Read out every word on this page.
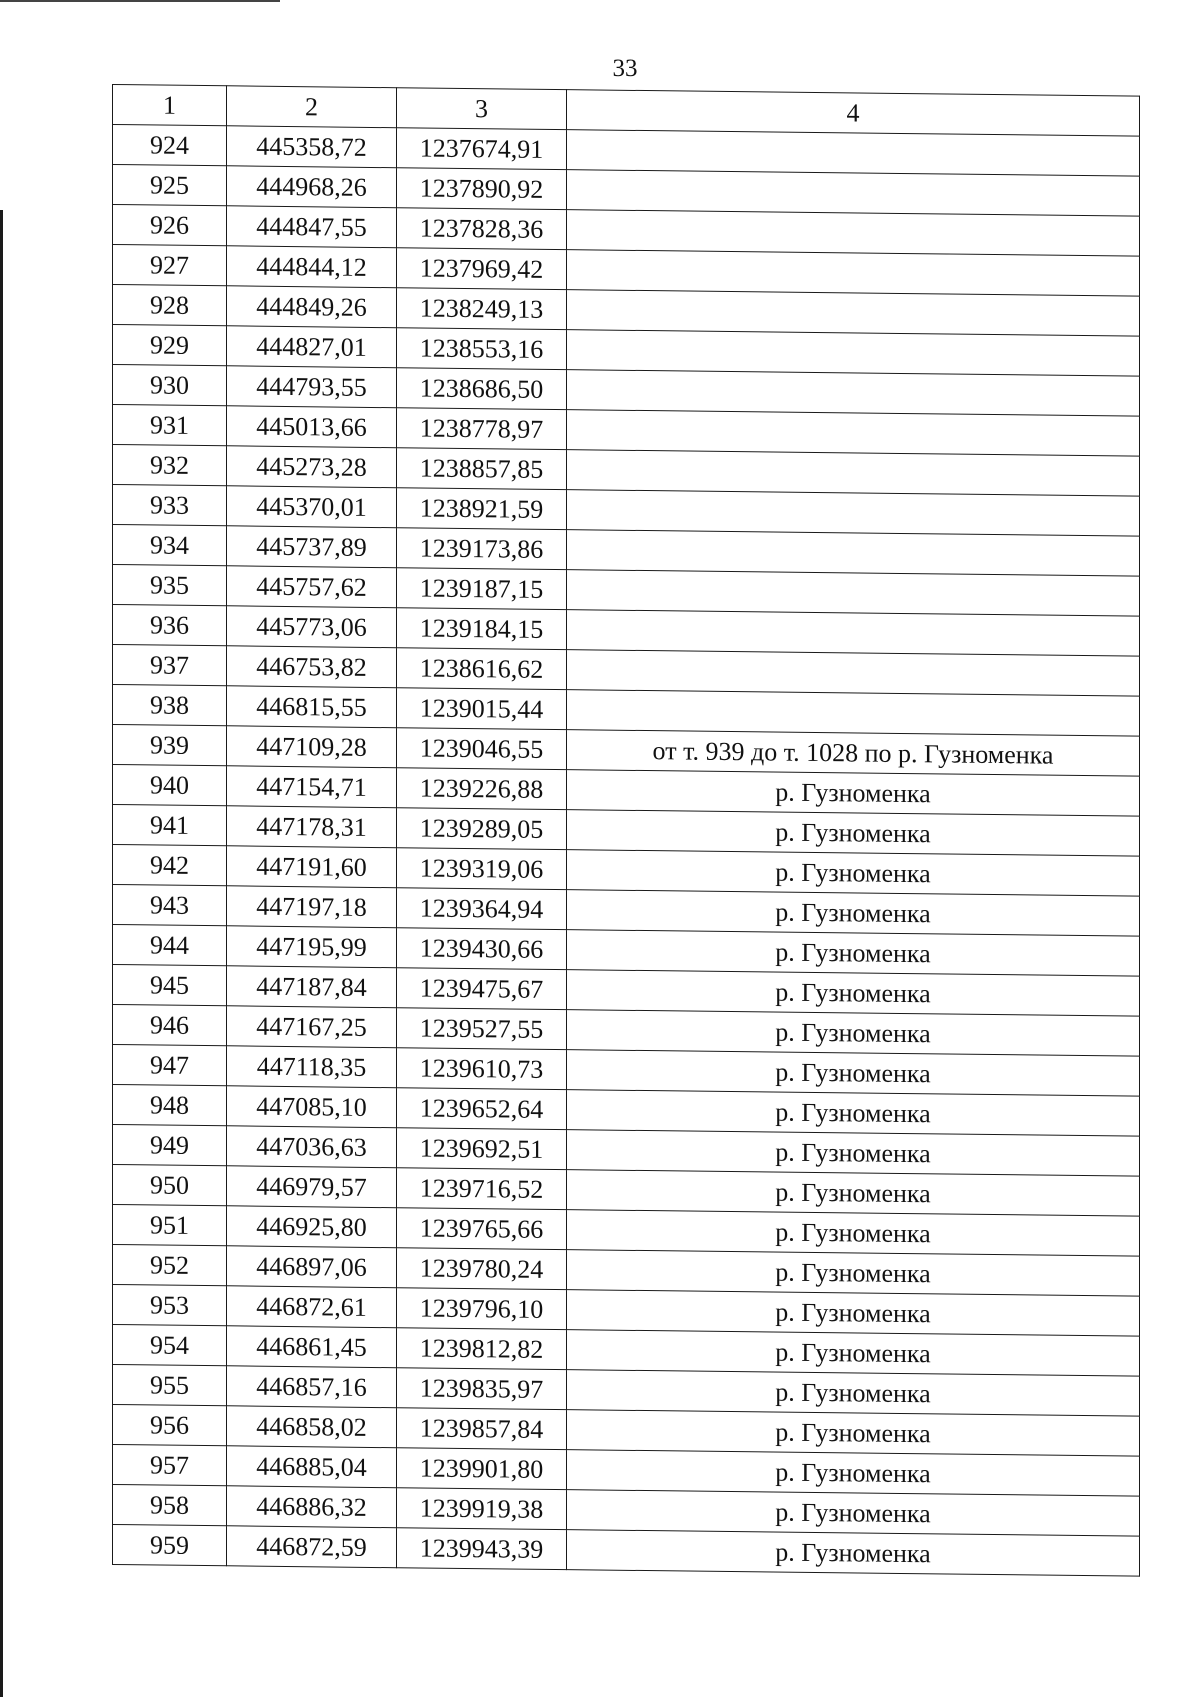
33
1	2	3	4
924	445358,72	1237674,91	
925	444968,26	1237890,92	
926	444847,55	1237828,36	
927	444844,12	1237969,42	
928	444849,26	1238249,13	
929	444827,01	1238553,16	
930	444793,55	1238686,50	
931	445013,66	1238778,97	
932	445273,28	1238857,85	
933	445370,01	1238921,59	
934	445737,89	1239173,86	
935	445757,62	1239187,15	
936	445773,06	1239184,15	
937	446753,82	1238616,62	
938	446815,55	1239015,44	
939	447109,28	1239046,55	от т. 939 до т. 1028 по р. Гузноменка
940	447154,71	1239226,88	р. Гузноменка
941	447178,31	1239289,05	р. Гузноменка
942	447191,60	1239319,06	р. Гузноменка
943	447197,18	1239364,94	р. Гузноменка
944	447195,99	1239430,66	р. Гузноменка
945	447187,84	1239475,67	р. Гузноменка
946	447167,25	1239527,55	р. Гузноменка
947	447118,35	1239610,73	р. Гузноменка
948	447085,10	1239652,64	р. Гузноменка
949	447036,63	1239692,51	р. Гузноменка
950	446979,57	1239716,52	р. Гузноменка
951	446925,80	1239765,66	р. Гузноменка
952	446897,06	1239780,24	р. Гузноменка
953	446872,61	1239796,10	р. Гузноменка
954	446861,45	1239812,82	р. Гузноменка
955	446857,16	1239835,97	р. Гузноменка
956	446858,02	1239857,84	р. Гузноменка
957	446885,04	1239901,80	р. Гузноменка
958	446886,32	1239919,38	р. Гузноменка
959	446872,59	1239943,39	р. Гузноменка
